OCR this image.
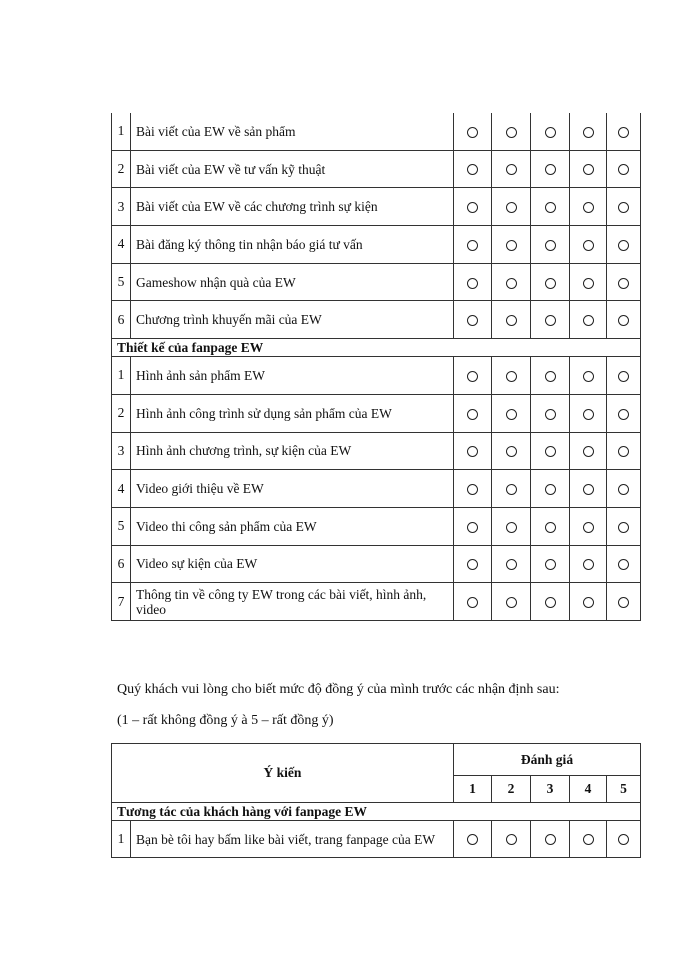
1	Bài viết của EW về sản phẩm					
2	Bài viết của EW về tư vấn kỹ thuật					
3	Bài viết của EW về các chương trình sự kiện					
4	Bài đăng ký thông tin nhận báo giá tư vấn					
5	Gameshow nhận quà của EW					
6	Chương trình khuyến mãi của EW					
Thiết kế của fanpage EW						
1	Hình ảnh sản phẩm EW					
2	Hình ảnh công trình sử dụng sản phẩm của EW					
3	Hình ảnh chương trình, sự kiện của EW					
4	Video giới thiệu về EW					
5	Video thi công sản phẩm của EW					
6	Video sự kiện của EW					
7	Thông tin về công ty EW trong các bài viết, hình ảnh, video					

Quý khách vui lòng cho biết mức độ đồng ý của mình trước các nhận định sau:

(1 – rất không đồng ý à 5 – rất đồng ý)

Ý kiến		Đánh giá				
		1	2	3	4	5
Tương tác của khách hàng với fanpage EW						
1	Bạn bè tôi hay bấm like bài viết, trang fanpage của EW					
